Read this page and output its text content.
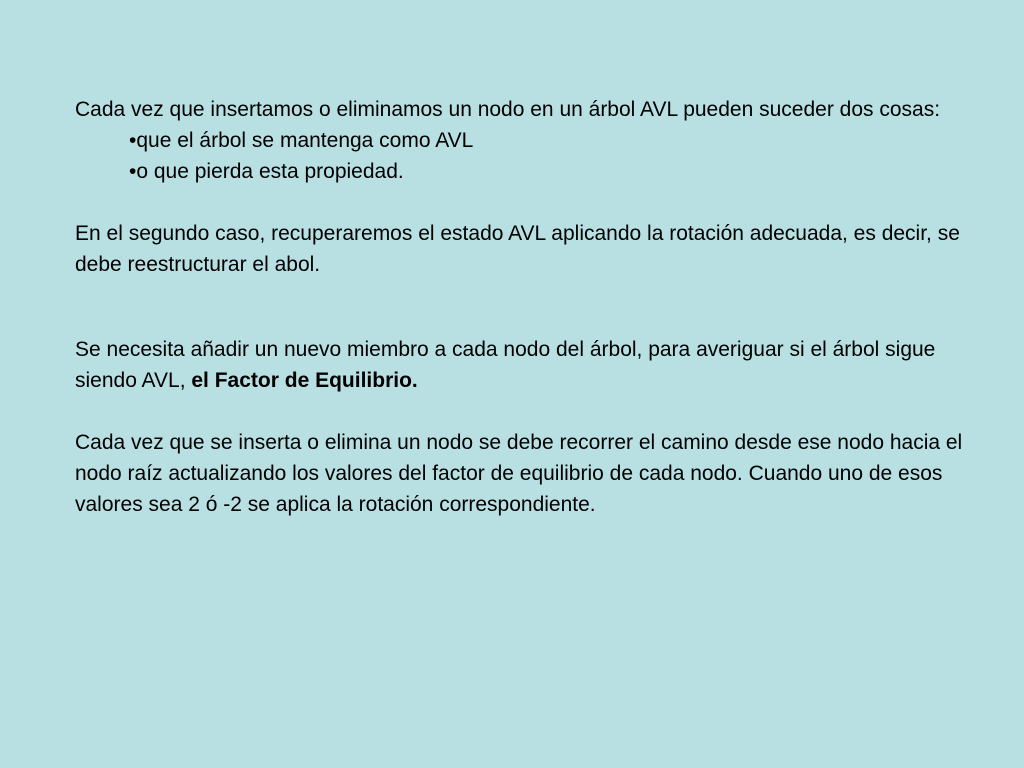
Cada vez que insertamos o eliminamos un nodo en un árbol AVL pueden suceder dos cosas:

•que el árbol se mantenga como AVL
•o que pierda esta propiedad.

En el segundo caso, recuperaremos el estado AVL aplicando la rotación adecuada, es decir, se debe reestructurar el abol.

Se necesita añadir un nuevo miembro a cada nodo del árbol, para averiguar si el árbol sigue siendo AVL, el Factor de Equilibrio.

Cada vez que se inserta o elimina un nodo se debe recorrer el camino desde ese nodo hacia el nodo raíz actualizando los valores del factor de equilibrio de cada nodo. Cuando uno de esos valores sea 2 ó -2 se aplica la rotación correspondiente.
